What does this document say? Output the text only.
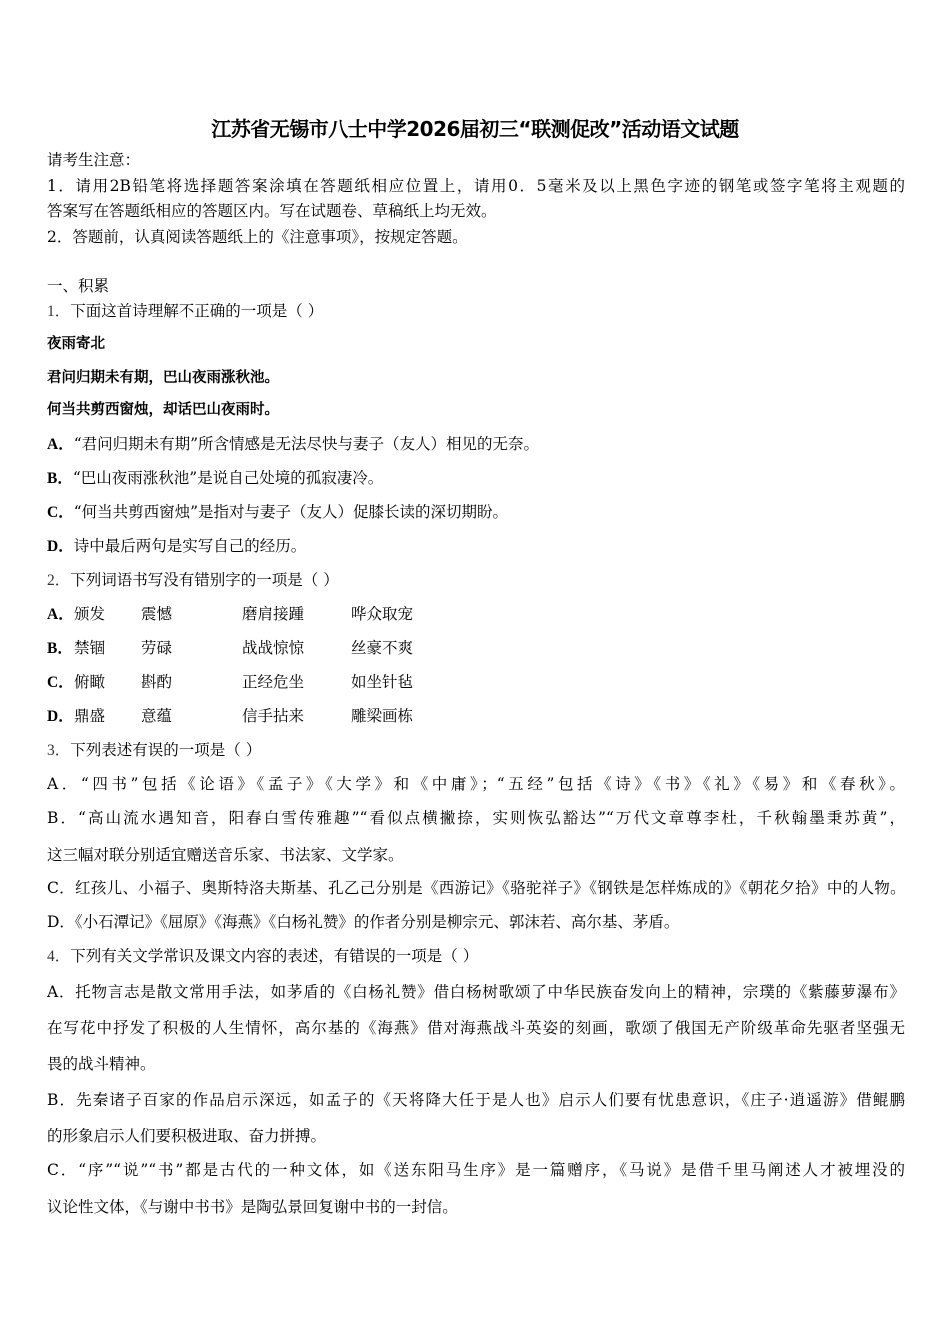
江苏省无锡市八士中学2026届初三“联测促改”活动语文试题
请考生注意：
1．请用2B铅笔将选择题答案涂填在答题纸相应位置上，请用0．5毫米及以上黑色字迹的钢笔或签字笔将主观题的
答案写在答题纸相应的答题区内。写在试题卷、草稿纸上均无效。
2．答题前，认真阅读答题纸上的《注意事项》，按规定答题。
一、积累
1．下面这首诗理解不正确的一项是（ ）
夜雨寄北
君问归期未有期，巴山夜雨涨秋池。
何当共剪西窗烛，却话巴山夜雨时。
A．“君问归期未有期”所含情感是无法尽快与妻子（友人）相见的无奈。
B．“巴山夜雨涨秋池”是说自己处境的孤寂凄冷。
C．“何当共剪西窗烛”是指对与妻子（友人）促膝长读的深切期盼。
D．诗中最后两句是实写自己的经历。
2．下列词语书写没有错别字的一项是（ ）
A． 颁发 震憾	磨肩接踵	哗众取宠
B． 禁锢 劳碌	战战惊惊	丝豪不爽
C． 俯瞰 斟酌	正经危坐	如坐针毡
D． 鼎盛 意蕴	信手拈来	雕梁画栋
3．下列表述有误的一项是（ ）
A．“四书”包括《论语》《孟子》《大学》和《中庸》；“五经”包括《诗》《书》《礼》《易》和《春秋》。
B．“高山流水遇知音，阳春白雪传雅趣”“看似点横撇捺，实则恢弘豁达”“万代文章尊李杜，千秋翰墨秉苏黄”，
这三幅对联分别适宜赠送音乐家、书法家、文学家。
C．红孩儿、小福子、奥斯特洛夫斯基、孔乙己分别是《西游记》《骆驼祥子》《钢铁是怎样炼成的》《朝花夕拾》中的人物。
D．《小石潭记》《屈原》《海燕》《白杨礼赞》的作者分别是柳宗元、郭沫若、高尔基、茅盾。
4．下列有关文学常识及课文内容的表述，有错误的一项是（ ）
A．托物言志是散文常用手法，如茅盾的《白杨礼赞》借白杨树歌颂了中华民族奋发向上的精神，宗璞的《紫藤萝瀑布》
在写花中抒发了积极的人生情怀，高尔基的《海燕》借对海燕战斗英姿的刻画，歌颂了俄国无产阶级革命先驱者坚强无
畏的战斗精神。
B．先秦诸子百家的作品启示深远，如孟子的《天将降大任于是人也》启示人们要有忧患意识，《庄子·逍遥游》借鲲鹏
的形象启示人们要积极进取、奋力拼搏。
C．“序”“说”“书”都是古代的一种文体，如《送东阳马生序》是一篇赠序，《马说》是借千里马阐述人才被埋没的
议论性文体，《与谢中书书》是陶弘景回复谢中书的一封信。
